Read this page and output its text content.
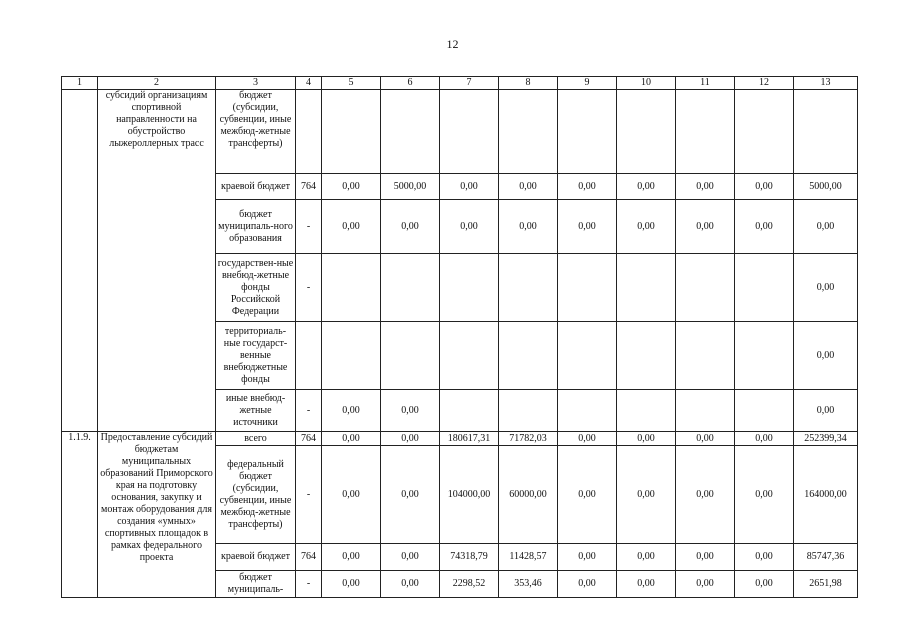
12
1	2	3	4	5	6	7	8	9	10	11	12	13
	субсидий организациям спортивной направленности на обустройство лыжероллерных трасс	бюджет (субсидии, субвенции, иные межбюд-жетные трансферты)										
		краевой бюджет	764	0,00	5000,00	0,00	0,00	0,00	0,00	0,00	0,00	5000,00
		бюджет муниципаль-ного образования	-	0,00	0,00	0,00	0,00	0,00	0,00	0,00	0,00	0,00
		государствен-ные внебюд-жетные фонды Российской Федерации	-									0,00
		территориаль-ные государст-венные внебюджетные фонды										0,00
		иные внебюд-жетные источники	-	0,00	0,00							0,00
1.1.9.	Предоставление субсидий бюджетам муниципальных образований Приморского края на подготовку основания, закупку и монтаж оборудования для создания «умных» спортивных площадок в рамках федерального проекта	всего	764	0,00	0,00	180617,31	71782,03	0,00	0,00	0,00	0,00	252399,34
		федеральный бюджет (субсидии, субвенции, иные межбюд-жетные трансферты)	-	0,00	0,00	104000,00	60000,00	0,00	0,00	0,00	0,00	164000,00
		краевой бюджет	764	0,00	0,00	74318,79	11428,57	0,00	0,00	0,00	0,00	85747,36
		бюджет муниципаль-	-	0,00	0,00	2298,52	353,46	0,00	0,00	0,00	0,00	2651,98
